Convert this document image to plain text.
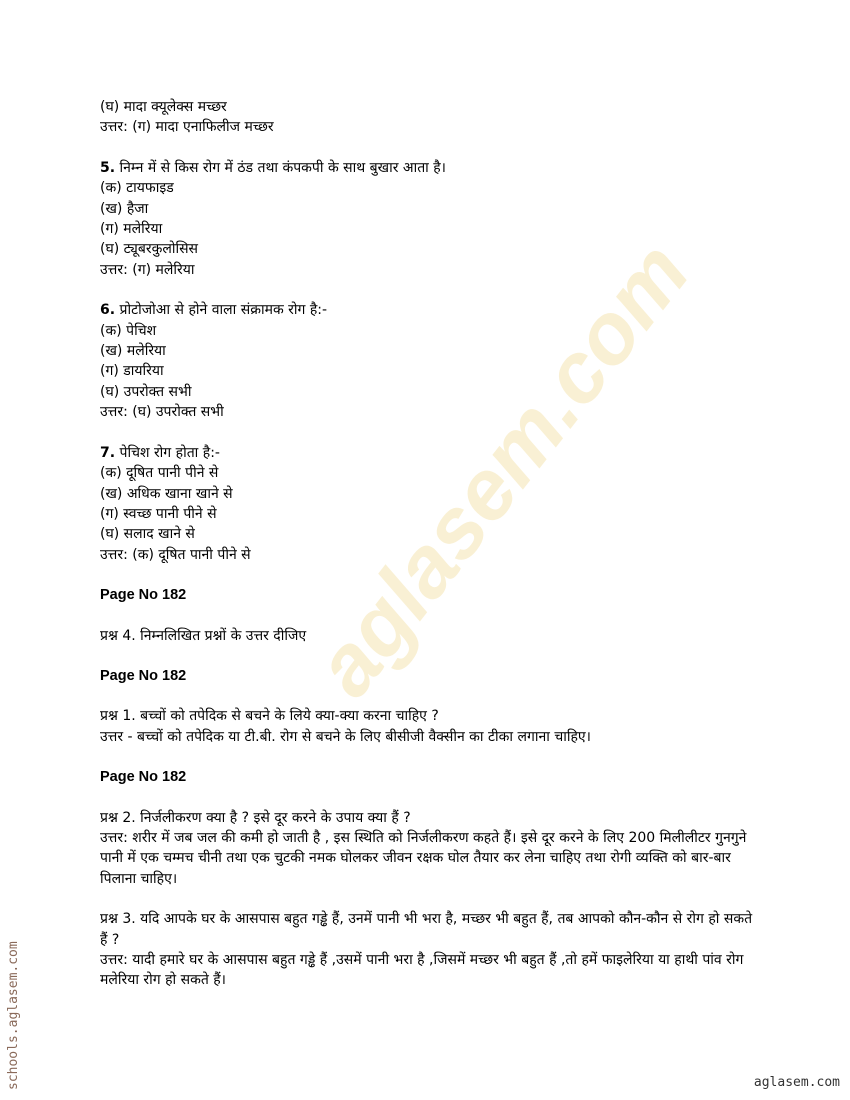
aglasem.com
schools.aglasem.com
(घ) मादा क्यूलेक्स मच्छर
उत्तर: (ग) मादा एनाफिलीज मच्छर
5. निम्न में से किस रोग में ठंड तथा कंपकपी के साथ बुखार आता है।
(क) टायफाइड
(ख) हैजा
(ग) मलेरिया
(घ) ट्यूबरकुलोसिस
उत्तर: (ग) मलेरिया
6. प्रोटोजोआ से होने वाला संक्रामक रोग है:-
(क) पेचिश
(ख) मलेरिया
(ग) डायरिया
(घ) उपरोक्त सभी
उत्तर: (घ) उपरोक्त सभी
7. पेचिश रोग होता है:-
(क) दूषित पानी पीने से
(ख) अधिक खाना खाने से
(ग) स्वच्छ पानी पीने से
(घ) सलाद खाने से
उत्तर: (क) दूषित पानी पीने से
Page No 182
प्रश्न 4. निम्नलिखित प्रश्नों के उत्तर दीजिए
Page No 182
प्रश्न 1. बच्चों को तपेदिक से बचने के लिये क्या-क्या करना चाहिए ?
उत्तर - बच्चों को तपेदिक या टी.बी. रोग से बचने के लिए बीसीजी वैक्सीन का टीका लगाना चाहिए।
Page No 182
प्रश्न 2. निर्जलीकरण क्या है ? इसे दूर करने के उपाय क्या हैं ?
उत्तर: शरीर में जब जल की कमी हो जाती है , इस स्थिति को निर्जलीकरण कहते हैं। इसे दूर करने के लिए 200 मिलीलीटर गुनगुने पानी में एक चम्मच चीनी तथा एक चुटकी नमक घोलकर जीवन रक्षक घोल तैयार कर लेना चाहिए तथा रोगी व्यक्ति को बार-बार पिलाना चाहिए।
प्रश्न 3. यदि आपके घर के आसपास बहुत गड्ढे हैं, उनमें पानी भी भरा है, मच्छर भी बहुत हैं, तब आपको कौन-कौन से रोग हो सकते हैं ?
उत्तर: यादी हमारे घर के आसपास बहुत गड्ढे हैं ,उसमें पानी भरा है ,जिसमें मच्छर भी बहुत हैं ,तो हमें फाइलेरिया या हाथी पांव रोग मलेरिया रोग हो सकते हैं।
aglasem.com
